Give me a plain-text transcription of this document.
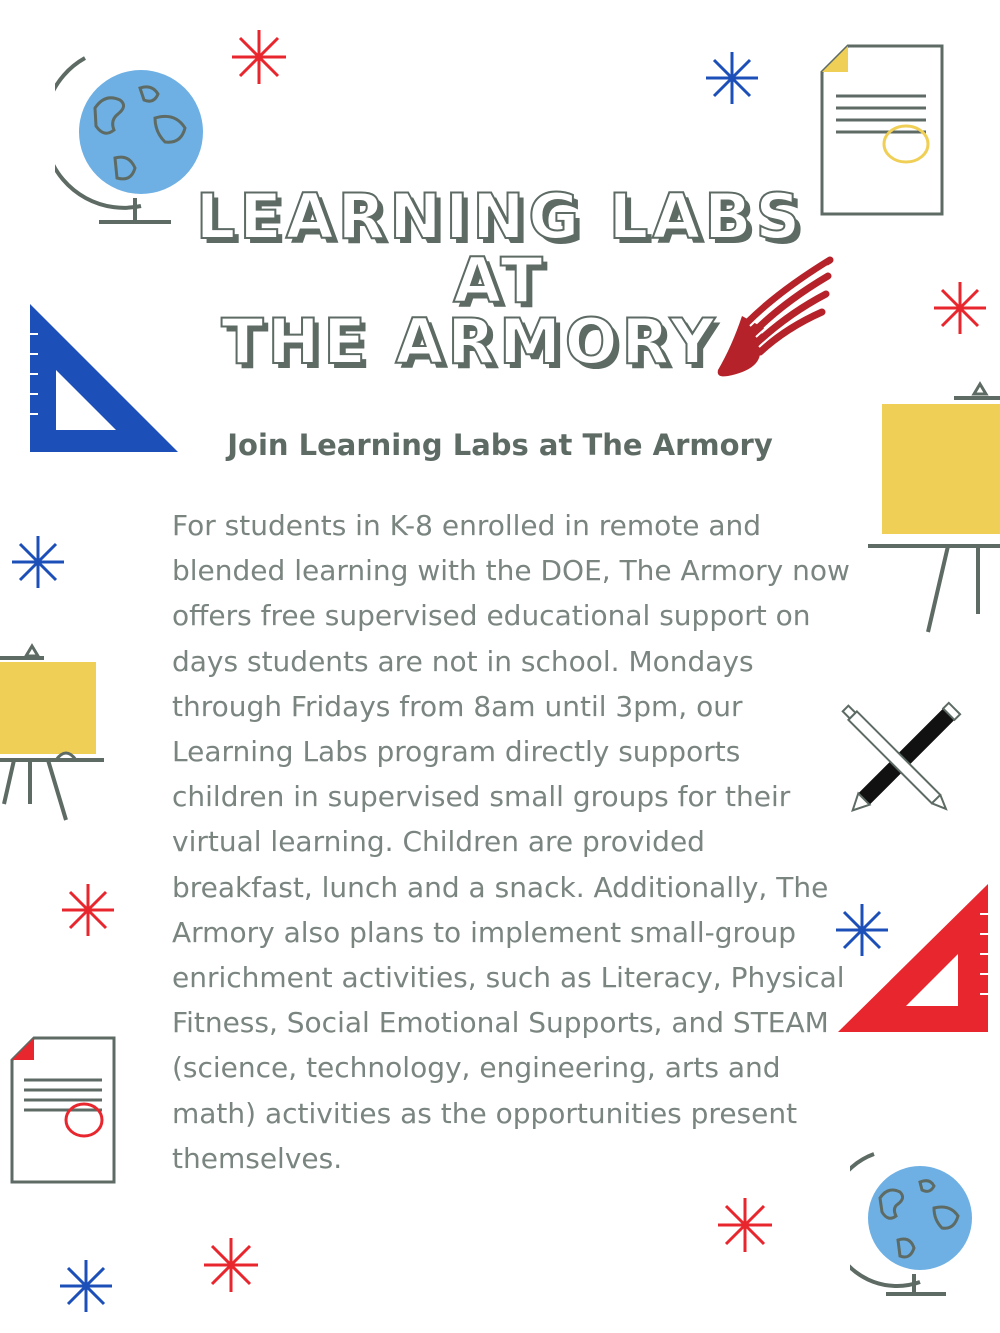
LEARNING LABS
AT
THE ARMORY
Join Learning Labs at The Armory

For students in K-8 enrolled in remote and blended learning with the DOE, The Armory now offers free supervised educational support on days students are not in school. Mondays through Fridays from 8am until 3pm, our Learning Labs program directly supports children in supervised small groups for their virtual learning. Children are provided breakfast, lunch and a snack. Additionally, The Armory also plans to implement small-group enrichment activities, such as Literacy, Physical Fitness, Social Emotional Supports, and STEAM (science, technology, engineering, arts and math) activities as the opportunities present themselves.
